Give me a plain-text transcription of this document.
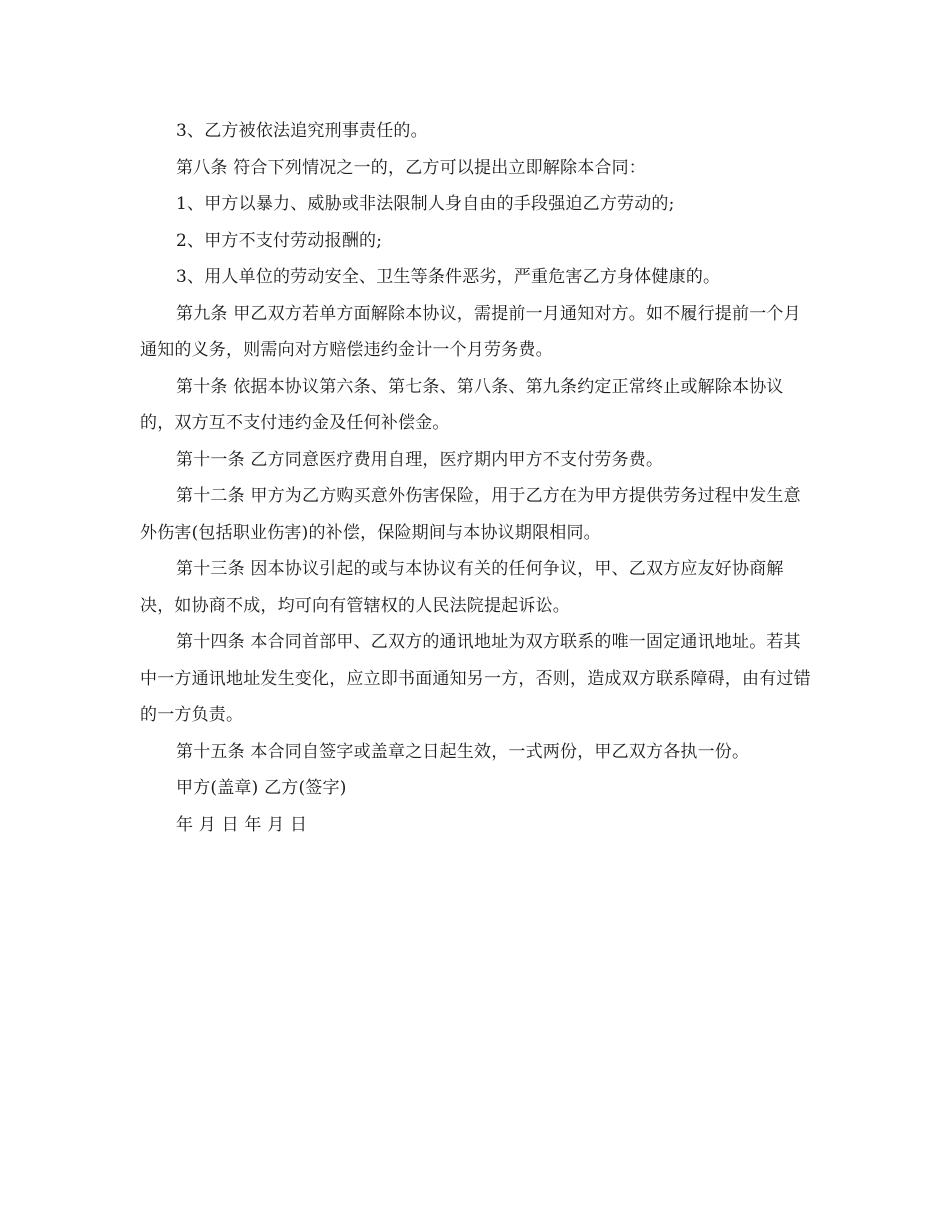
3、乙方被依法追究刑事责任的。

第八条 符合下列情况之一的，乙方可以提出立即解除本合同：

1、甲方以暴力、威胁或非法限制人身自由的手段强迫乙方劳动的;

2、甲方不支付劳动报酬的;

3、用人单位的劳动安全、卫生等条件恶劣，严重危害乙方身体健康的。

第九条 甲乙双方若单方面解除本协议，需提前一月通知对方。如不履行提前一个月通知的义务，则需向对方赔偿违约金计一个月劳务费。

第十条 依据本协议第六条、第七条、第八条、第九条约定正常终止或解除本协议的，双方互不支付违约金及任何补偿金。

第十一条 乙方同意医疗费用自理，医疗期内甲方不支付劳务费。

第十二条 甲方为乙方购买意外伤害保险，用于乙方在为甲方提供劳务过程中发生意外伤害(包括职业伤害)的补偿，保险期间与本协议期限相同。

第十三条 因本协议引起的或与本协议有关的任何争议，甲、乙双方应友好协商解决，如协商不成，均可向有管辖权的人民法院提起诉讼。

第十四条 本合同首部甲、乙双方的通讯地址为双方联系的唯一固定通讯地址。若其中一方通讯地址发生变化，应立即书面通知另一方，否则，造成双方联系障碍，由有过错的一方负责。

第十五条 本合同自签字或盖章之日起生效，一式两份，甲乙双方各执一份。

甲方(盖章) 乙方(签字)

年 月 日 年 月 日
